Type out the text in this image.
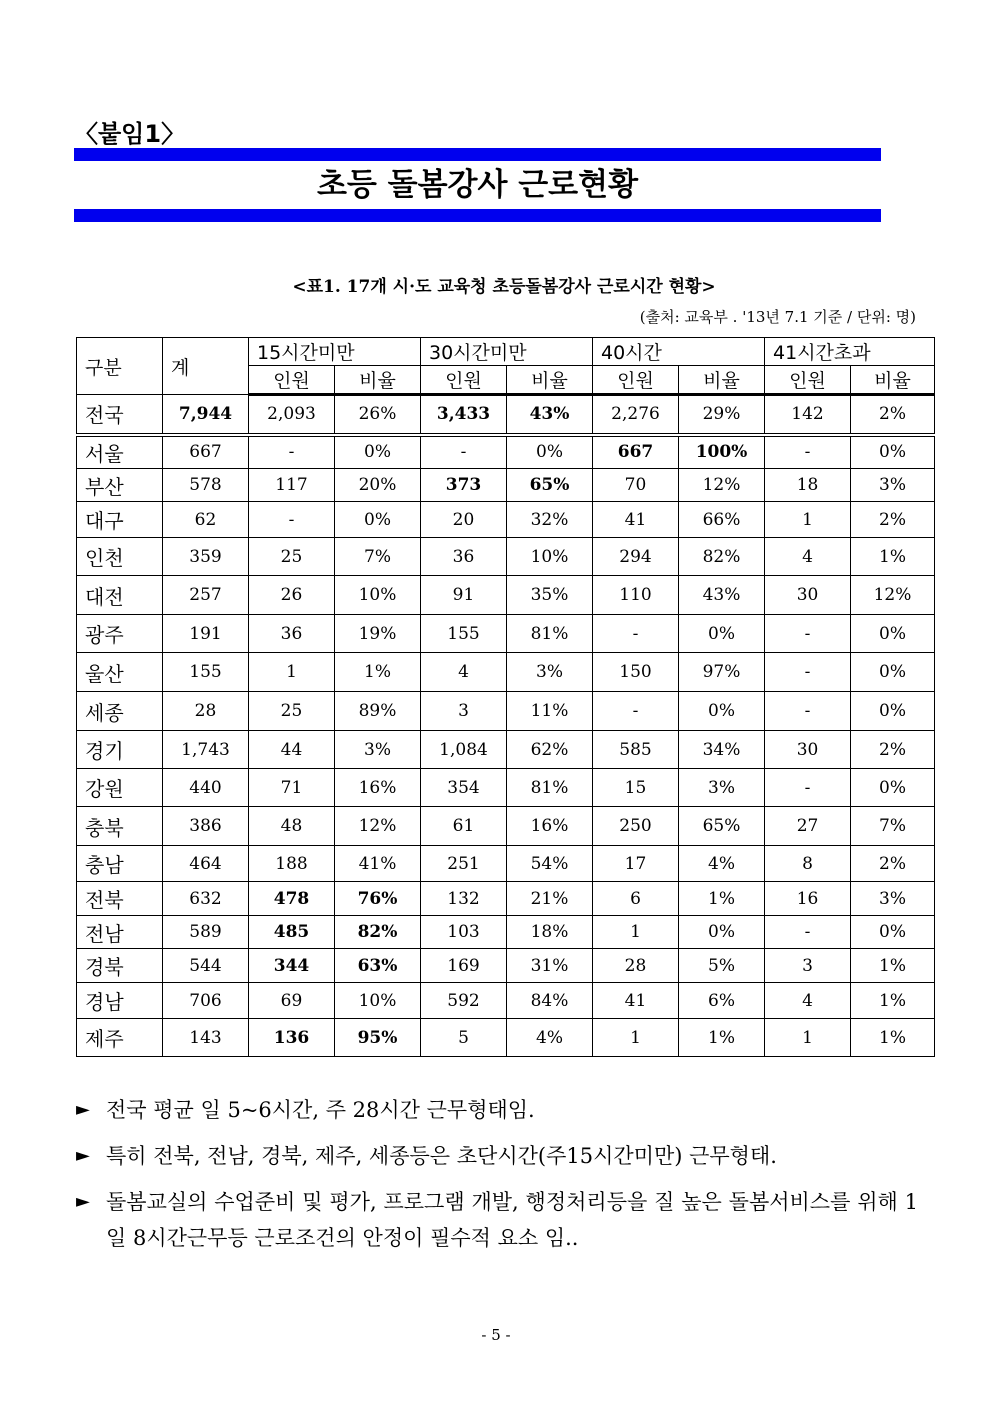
〈붙임1〉
초등 돌봄강사 근로현황
<표1. 17개 시·도 교육청 초등돌봄강사 근로시간 현황>
(출처: 교육부 . '13년 7.1 기준 / 단위: 명)
구분	계	15시간미만		30시간미만		40시간		41시간초과	
		인원	비율	인원	비율	인원	비율	인원	비율
전국	7,944	2,093	26%	3,433	43%	2,276	29%	142	2%
서울	667	-	0%	-	0%	667	100%	-	0%
부산	578	117	20%	373	65%	70	12%	18	3%
대구	62	-	0%	20	32%	41	66%	1	2%
인천	359	25	7%	36	10%	294	82%	4	1%
대전	257	26	10%	91	35%	110	43%	30	12%
광주	191	36	19%	155	81%	-	0%	-	0%
울산	155	1	1%	4	3%	150	97%	-	0%
세종	28	25	89%	3	11%	-	0%	-	0%
경기	1,743	44	3%	1,084	62%	585	34%	30	2%
강원	440	71	16%	354	81%	15	3%	-	0%
충북	386	48	12%	61	16%	250	65%	27	7%
충남	464	188	41%	251	54%	17	4%	8	2%
전북	632	478	76%	132	21%	6	1%	16	3%
전남	589	485	82%	103	18%	1	0%	-	0%
경북	544	344	63%	169	31%	28	5%	3	1%
경남	706	69	10%	592	84%	41	6%	4	1%
제주	143	136	95%	5	4%	1	1%	1	1%
► 전국 평균 일 5~6시간, 주 28시간 근무형태임.
► 특히 전북, 전남, 경북, 제주, 세종등은 초단시간(주15시간미만) 근무형태.
► 돌봄교실의 수업준비 및 평가, 프로그램 개발, 행정처리등을 질 높은 돌봄서비스를 위해 1일 8시간근무등 근로조건의 안정이 필수적 요소 임..
- 5 -
